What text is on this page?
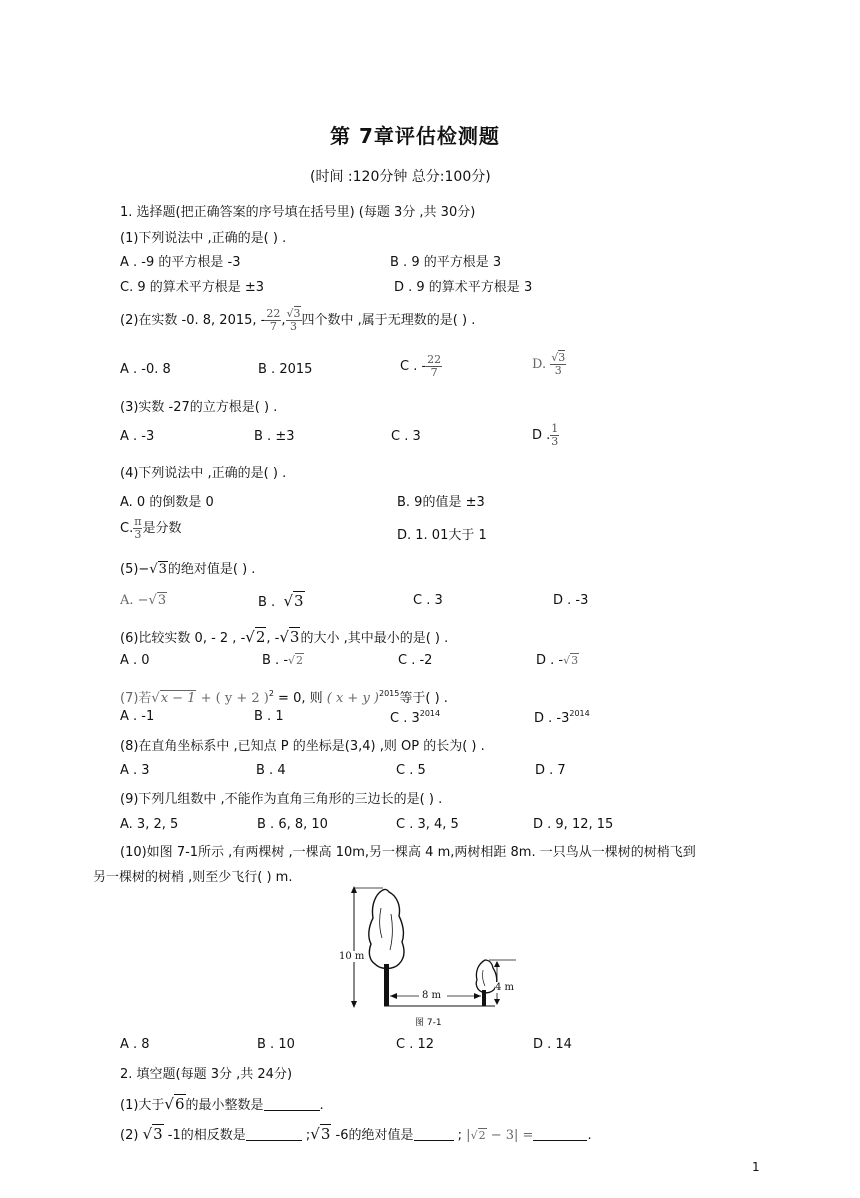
第 7章评估检测题
(时间 :120分钟 总分:100分)
1. 选择题(把正确答案的序号填在括号里) (每题 3分 ,共 30分)
(1)下列说法中 ,正确的是( ) .
A . -9 的平方根是 -3	B . 9 的平方根是 3
C. 9 的算术平方根是 ±3	D . 9 的算术平方根是 3
(2)在实数 -0. 8, 2015, - $\frac{22}{7}$ , $\frac{√3}{3}$ 四个数中 ,属于无理数的是( ) .
A . -0. 8	B . 2015	C . - $\frac{22}{7}$	D. $\frac{√3}{3}$
(3)实数 -27的立方根是( ) .
A . -3	B . ±3	C . 3	D . $\frac{1}{3}$
(4)下列说法中 ,正确的是( ) .
A. 0 的倒数是 0	B. 9的值是 ±3
C. $\frac{\pi}{3}$ 是分数	D. 1. 01大于 1
(5)−√3的绝对值是( ) .
A. −√3	B . √3	C . 3	D . -3
(6)比较实数 0, - 2 , -√2, -√3的大小 ,其中最小的是( ) .
A . 0	B . -√2	C . -2	D . -√3
(7)若√x − 1 + ( y + 2 )$^2$ = 0, 则 ( x + y )$^{2015}$等于( ) .
A . -1	B . 1	C . $3^{2014}$	D . $-3^{2014}$
(8)在直角坐标系中 ,已知点 P 的坐标是(3,4) ,则 OP 的长为( ) .
A . 3	B . 4	C . 5	D . 7
(9)下列几组数中 ,不能作为直角三角形的三边长的是( ) .
A. 3, 2, 5	B . 6, 8, 10	C . 3, 4, 5	D . 9, 12, 15
(10)如图 7-1所示 ,有两棵树 ,一棵高 10m,另一棵高 4 m,两树相距 8m. 一只鸟从一棵树的树梢飞到
另一棵树的树梢 ,则至少飞行( ) m.
10 m
8 m
4 m
图 7-1
A . 8	B . 10	C . 12	D . 14
2. 填空题(每题 3分 ,共 24分)
(1)大于√6的最小整数是	.
(2) √3 -1的相反数是	;√3 -6的绝对值是	; |√2 − 3| =	.
1
